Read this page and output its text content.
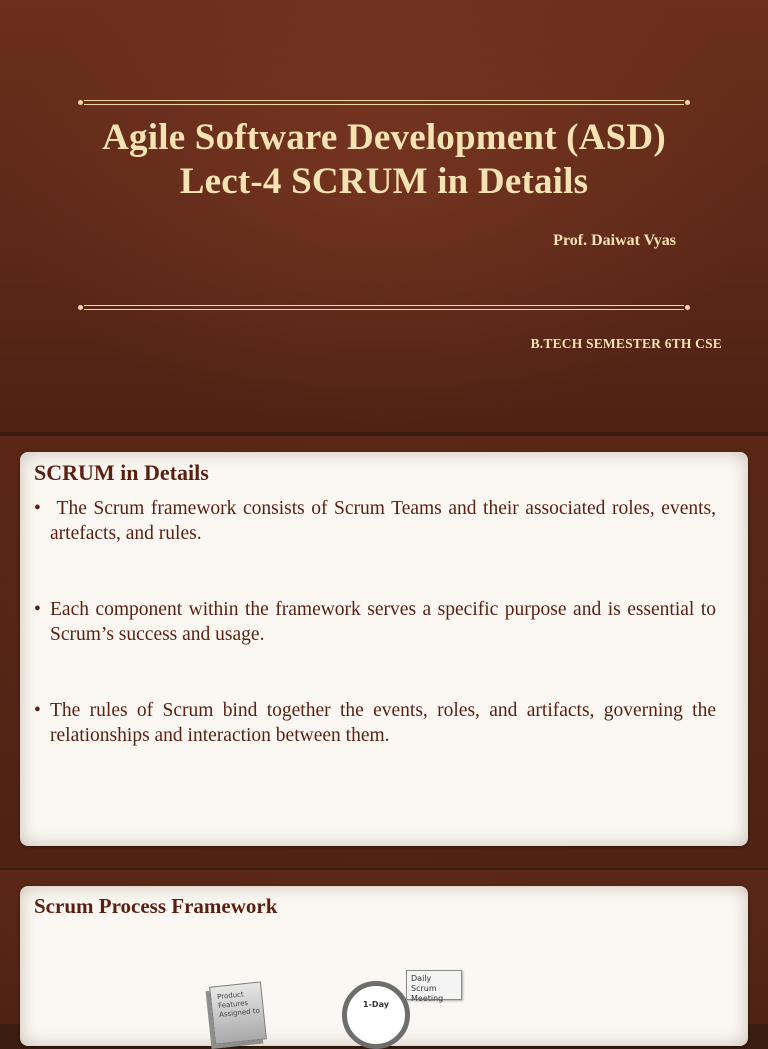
Agile Software Development (ASD) Lect-4 SCRUM in Details
Prof. Daiwat Vyas
B.TECH SEMESTER 6TH CSE
SCRUM in Details
• The Scrum framework consists of Scrum Teams and their associated roles, events, artefacts, and rules.
• Each component within the framework serves a specific purpose and is essential to Scrum’s success and usage.
• The rules of Scrum bind together the events, roles, and artifacts, governing the relationships and interaction between them.
Scrum Process Framework
Product Features Assigned to
1-Day
Daily Scrum Meeting
